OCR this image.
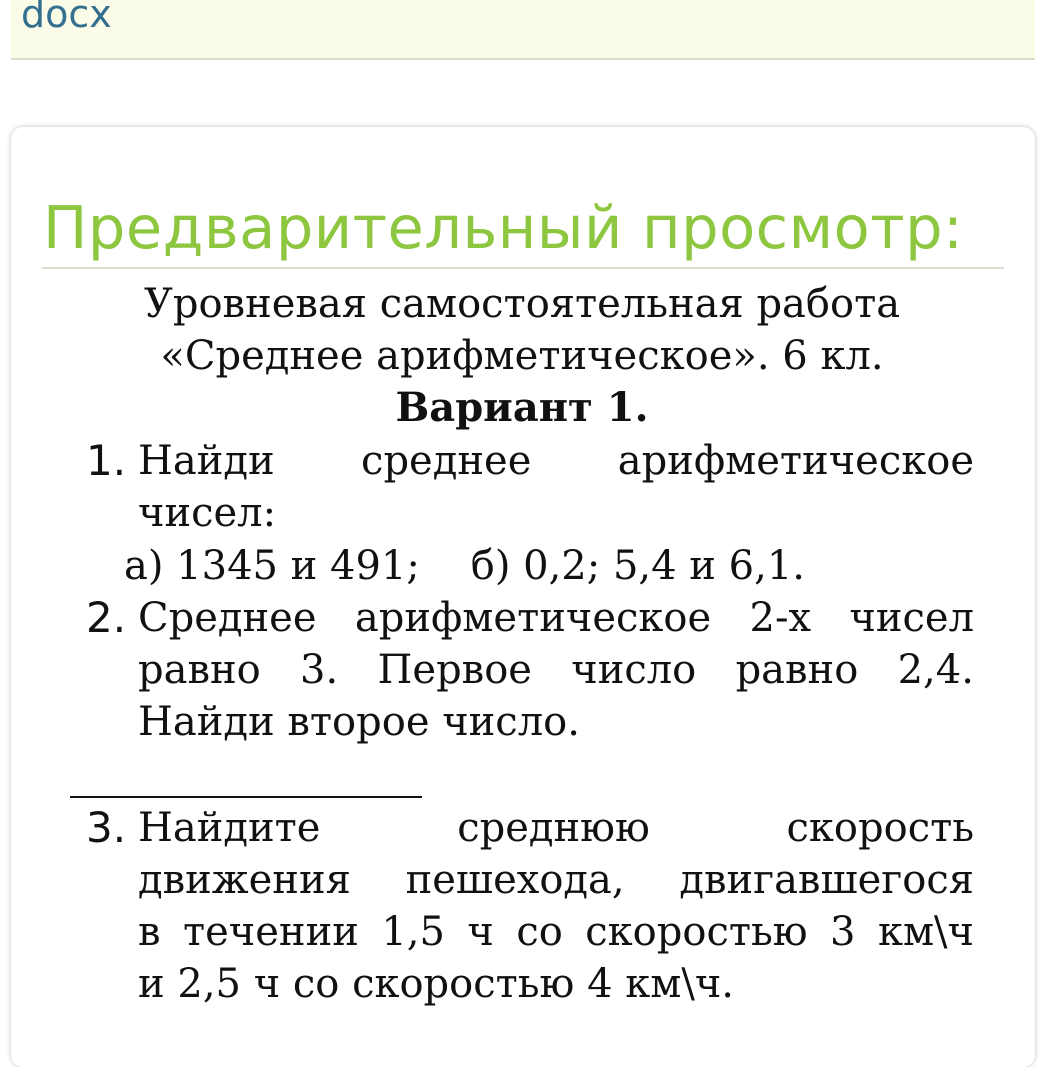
docx
Предварительный просмотр:
Уровневая самостоятельная работа
«Среднее арифметическое». 6 кл.
Вариант 1.
1. Найди среднее арифметическое
чисел:
а) 1345 и 491;    б) 0,2; 5,4 и 6,1.
2. Среднее арифметическое 2-х чисел
равно 3. Первое число равно 2,4.
Найди второе число.
3. Найдите	среднюю	скорость
движения пешехода, двигавшегося
в течении 1,5 ч со скоростью 3 км\ч
и 2,5 ч со скоростью 4 км\ч.
